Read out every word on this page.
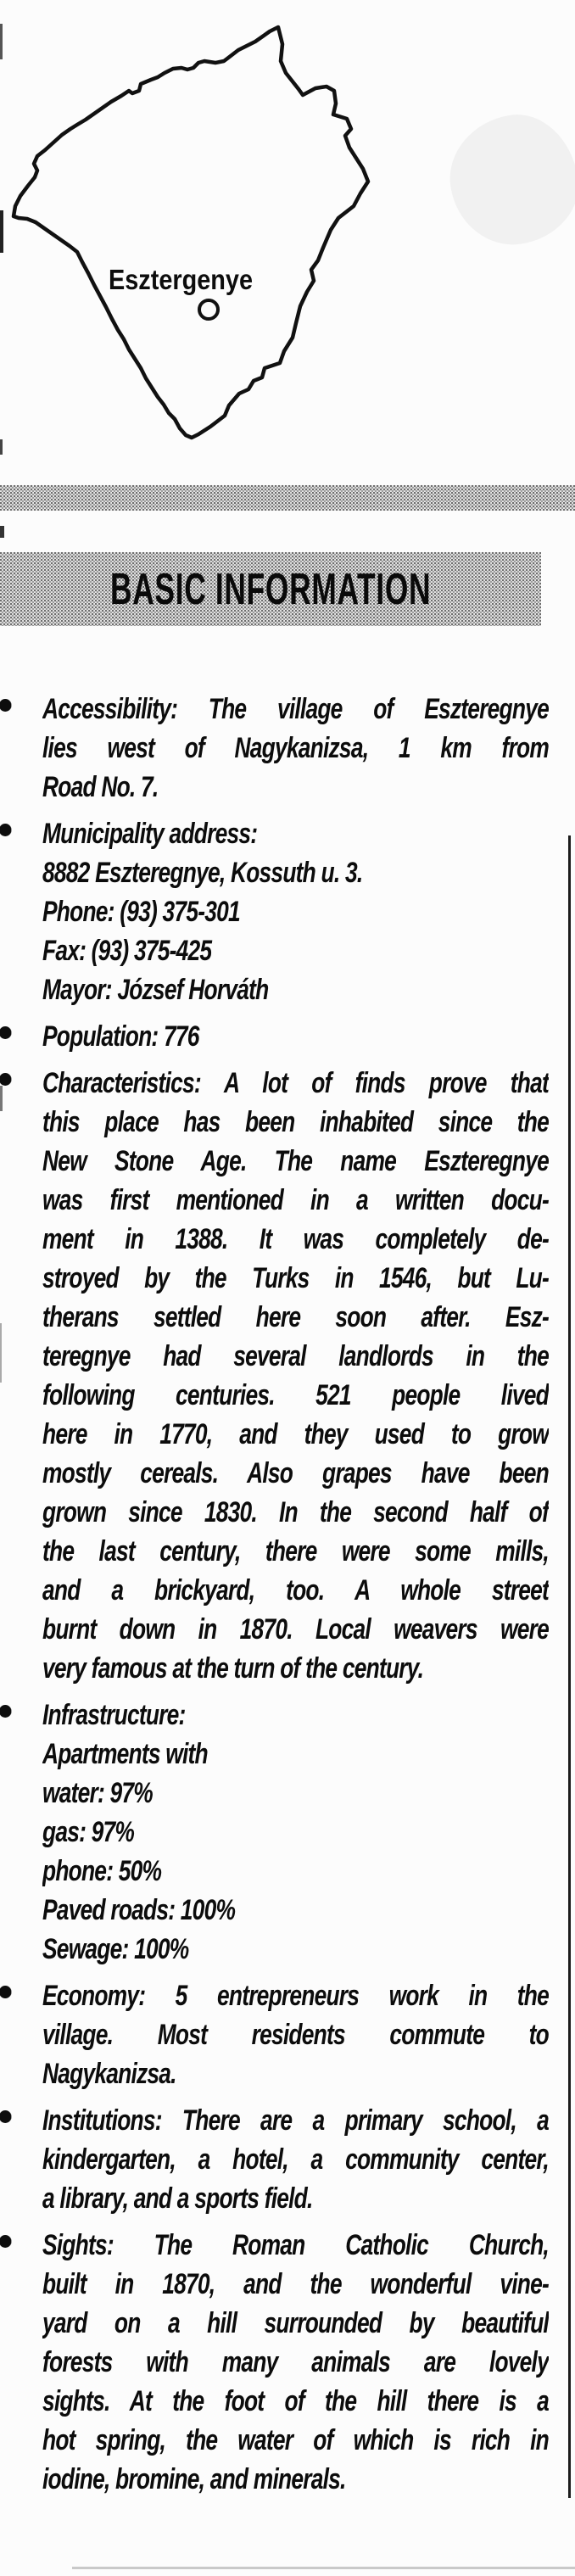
Esztergenye
BASIC INFORMATION
Accessibility: The village of Eszteregnye
lies west of Nagykanizsa, 1 km from
Road No. 7.
Municipality address:
8882 Eszteregnye, Kossuth u. 3.
Phone: (93) 375-301
Fax: (93) 375-425
Mayor: József Horváth
Population: 776
Characteristics: A lot of finds prove that
this place has been inhabited since the
New Stone Age. The name Eszteregnye
was first mentioned in a written docu-
ment in 1388. It was completely de-
stroyed by the Turks in 1546, but Lu-
therans settled here soon after. Esz-
teregnye had several landlords in the
following centuries. 521 people lived
here in 1770, and they used to grow
mostly cereals. Also grapes have been
grown since 1830. In the second half of
the last century, there were some mills,
and a brickyard, too. A whole street
burnt down in 1870. Local weavers were
very famous at the turn of the century.
Infrastructure:
Apartments with
water: 97%
gas: 97%
phone: 50%
Paved roads: 100%
Sewage: 100%
Economy: 5 entrepreneurs work in the
village. Most residents commute to
Nagykanizsa.
Institutions: There are a primary school, a
kindergarten, a hotel, a community center,
a library, and a sports field.
Sights: The Roman Catholic Church,
built in 1870, and the wonderful vine-
yard on a hill surrounded by beautiful
forests with many animals are lovely
sights. At the foot of the hill there is a
hot spring, the water of which is rich in
iodine, bromine, and minerals.
